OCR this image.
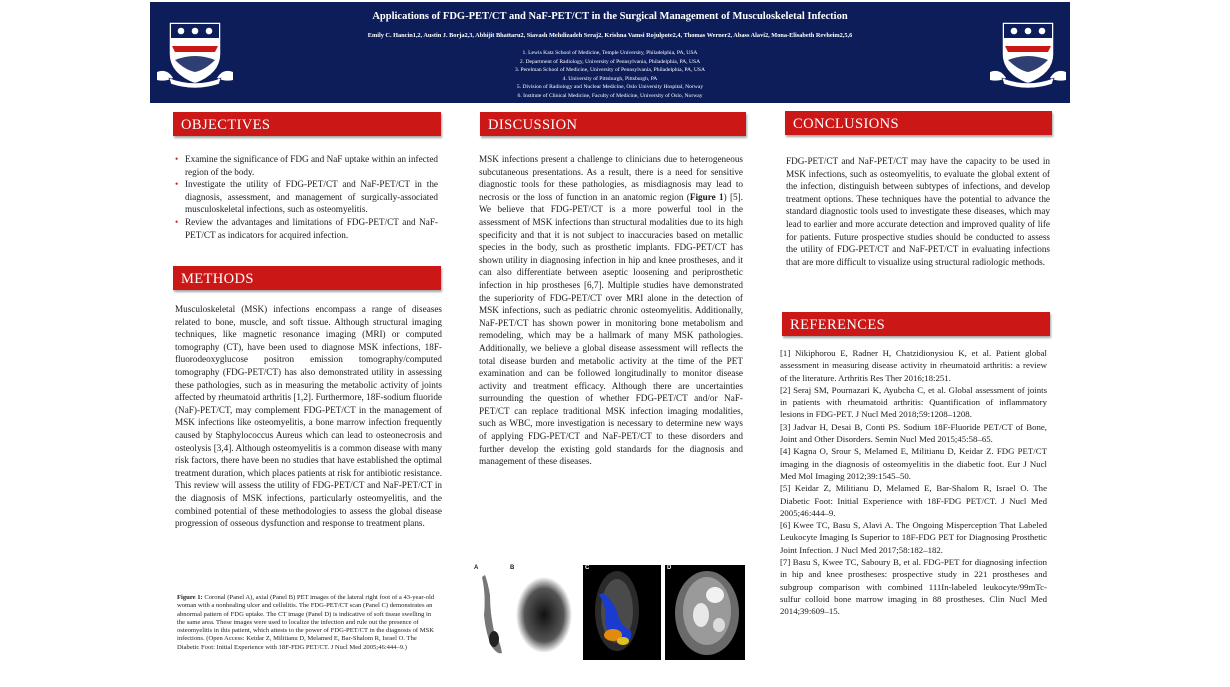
Applications of FDG-PET/CT and NaF-PET/CT in the Surgical Management of Musculoskeletal Infection
Emily C. Hancin1,2, Austin J. Borja2,3, Abhijit Bhattaru2, Siavash Mehdizadeh Seraj2, Krishna Vamsi Rojulpote2,4, Thomas Werner2, Abass Alavi2, Mona-Elisabeth Revheim2,5,6
1. Lewis Katz School of Medicine, Temple University, Philadelphia, PA, USA
2. Department of Radiology, University of Pennsylvania, Philadelphia, PA, USA
3. Perelman School of Medicine, University of Pennsylvania, Philadelphia, PA, USA
4. University of Pittsburgh, Pittsburgh, PA
5. Division of Radiology and Nuclear Medicine, Oslo University Hospital, Norway
6. Institute of Clinical Medicine, Faculty of Medicine, University of Oslo, Norway
OBJECTIVES
• Examine the significance of FDG and NaF uptake within an infected region of the body.
• Investigate the utility of FDG-PET/CT and NaF-PET/CT in the diagnosis, assessment, and management of surgically-associated musculoskeletal infections, such as osteomyelitis.
• Review the advantages and limitations of FDG-PET/CT and NaF-PET/CT as indicators for acquired infection.
METHODS
Musculoskeletal (MSK) infections encompass a range of diseases related to bone, muscle, and soft tissue. Although structural imaging techniques, like magnetic resonance imaging (MRI) or computed tomography (CT), have been used to diagnose MSK infections, 18F-fluorodeoxyglucose positron emission tomography/computed tomography (FDG-PET/CT) has also demonstrated utility in assessing these pathologies, such as in measuring the metabolic activity of joints affected by rheumatoid arthritis [1,2]. Furthermore, 18F-sodium fluoride (NaF)-PET/CT, may complement FDG-PET/CT in the management of MSK infections like osteomyelitis, a bone marrow infection frequently caused by Staphylococcus Aureus which can lead to osteonecrosis and osteolysis [3,4]. Although osteomyelitis is a common disease with many risk factors, there have been no studies that have established the optimal treatment duration, which places patients at risk for antibiotic resistance. This review will assess the utility of FDG-PET/CT and NaF-PET/CT in the diagnosis of MSK infections, particularly osteomyelitis, and the combined potential of these methodologies to assess the global disease progression of osseous dysfunction and response to treatment plans.
Figure 1: Coronal (Panel A), axial (Panel B) PET images of the lateral right foot of a 43-year-old woman with a nonhealing ulcer and cellulitis. The FDG-PET/CT scan (Panel C) demonstrates an abnormal pattern of FDG uptake. The CT image (Panel D) is indicative of soft tissue swelling in the same area. These images were used to localize the infection and rule out the presence of osteomyelitis in this patient, which attests to the power of FDG-PET/CT in the diagnosis of MSK infections. (Open Access: Keidar Z, Militianu D, Melamed E, Bar-Shalom R, Israel O. The Diabetic Foot: Initial Experience with 18F-FDG PET/CT. J Nucl Med 2005;46:444–9.)
DISCUSSION
MSK infections present a challenge to clinicians due to heterogeneous subcutaneous presentations. As a result, there is a need for sensitive diagnostic tools for these pathologies, as misdiagnosis may lead to necrosis or the loss of function in an anatomic region (Figure 1) [5]. We believe that FDG-PET/CT is a more powerful tool in the assessment of MSK infections than structural modalities due to its high specificity and that it is not subject to inaccuracies based on metallic species in the body, such as prosthetic implants. FDG-PET/CT has shown utility in diagnosing infection in hip and knee prostheses, and it can also differentiate between aseptic loosening and periprosthetic infection in hip prostheses [6,7]. Multiple studies have demonstrated the superiority of FDG-PET/CT over MRI alone in the detection of MSK infections, such as pediatric chronic osteomyelitis. Additionally, NaF-PET/CT has shown power in monitoring bone metabolism and remodeling, which may be a hallmark of many MSK pathologies. Additionally, we believe a global disease assessment will reflects the total disease burden and metabolic activity at the time of the PET examination and can be followed longitudinally to monitor disease activity and treatment efficacy. Although there are uncertainties surrounding the question of whether FDG-PET/CT and/or NaF-PET/CT can replace traditional MSK infection imaging modalities, such as WBC, more investigation is necessary to determine new ways of applying FDG-PET/CT and NaF-PET/CT to these disorders and further develop the existing gold standards for the diagnosis and management of these diseases.
A	B	C	D
CONCLUSIONS
FDG-PET/CT and NaF-PET/CT may have the capacity to be used in MSK infections, such as osteomyelitis, to evaluate the global extent of the infection, distinguish between subtypes of infections, and develop treatment options. These techniques have the potential to advance the standard diagnostic tools used to investigate these diseases, which may lead to earlier and more accurate detection and improved quality of life for patients. Future prospective studies should be conducted to assess the utility of FDG-PET/CT and NaF-PET/CT in evaluating infections that are more difficult to visualize using structural radiologic methods.
REFERENCES
[1] Nikiphorou E, Radner H, Chatzidionysiou K, et al. Patient global assessment in measuring disease activity in rheumatoid arthritis: a review of the literature. Arthritis Res Ther 2016;18:251.
[2] Seraj SM, Pournazari K, Ayubcha C, et al. Global assessment of joints in patients with rheumatoid arthritis: Quantification of inflammatory lesions in FDG-PET. J Nucl Med 2018;59:1208–1208.
[3] Jadvar H, Desai B, Conti PS. Sodium 18F-Fluoride PET/CT of Bone, Joint and Other Disorders. Semin Nucl Med 2015;45:58–65.
[4] Kagna O, Srour S, Melamed E, Militianu D, Keidar Z. FDG PET/CT imaging in the diagnosis of osteomyelitis in the diabetic foot. Eur J Nucl Med Mol Imaging 2012;39:1545–50.
[5] Keidar Z, Militianu D, Melamed E, Bar-Shalom R, Israel O. The Diabetic Foot: Initial Experience with 18F-FDG PET/CT. J Nucl Med 2005;46:444–9.
[6] Kwee TC, Basu S, Alavi A. The Ongoing Misperception That Labeled Leukocyte Imaging Is Superior to 18F-FDG PET for Diagnosing Prosthetic Joint Infection. J Nucl Med 2017;58:182–182.
[7] Basu S, Kwee TC, Saboury B, et al. FDG-PET for diagnosing infection in hip and knee prostheses: prospective study in 221 prostheses and subgroup comparison with combined 111In-labeled leukocyte/99mTc- sulfur colloid bone marrow imaging in 88 prostheses. Clin Nucl Med 2014;39:609–15.
